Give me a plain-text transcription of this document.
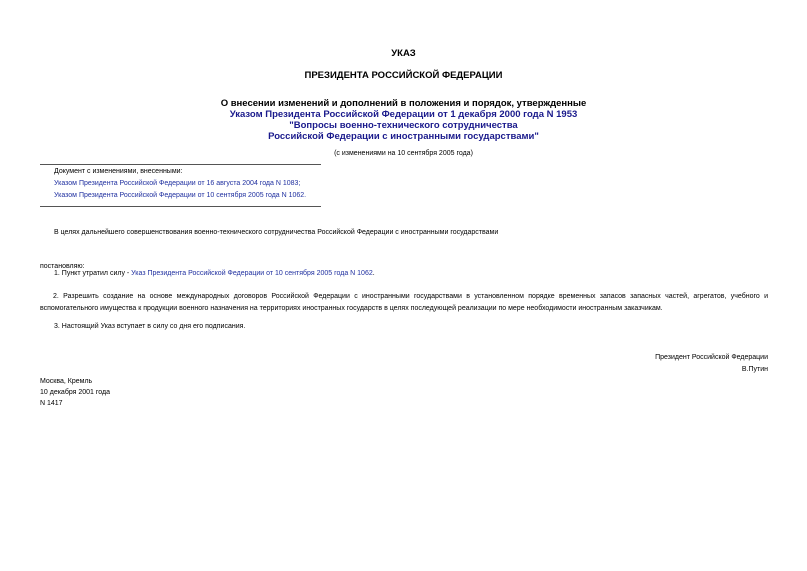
УКАЗ
ПРЕЗИДЕНТА РОССИЙСКОЙ ФЕДЕРАЦИИ
О внесении изменений и дополнений в положения и порядок, утвержденные
Указом Президента Российской Федерации от 1 декабря 2000 года N 1953
"Вопросы военно-технического сотрудничества
Российской Федерации с иностранными государствами"
(с изменениями на 10 сентября 2005 года)
Документ с изменениями, внесенными:
Указом Президента Российской Федерации от 16 августа 2004 года N 1083;
Указом Президента Российской Федерации от 10 сентября 2005 года N 1062.
В целях дальнейшего совершенствования военно-технического сотрудничества Российской Федерации с иностранными государствами
постановляю:
1. Пункт утратил силу - Указ Президента Российской Федерации от 10 сентября 2005 года N 1062.
2. Разрешить создание на основе международных договоров Российской Федерации с иностранными государствами в установленном порядке временных запасов запасных частей, агрегатов, учебного и вспомогательного имущества к продукции военного назначения на территориях иностранных государств в целях последующей реализации по мере необходимости иностранным заказчикам.
3. Настоящий Указ вступает в силу со дня его подписания.
Президент Российской Федерации
В.Путин
Москва, Кремль
10 декабря 2001 года
N 1417
